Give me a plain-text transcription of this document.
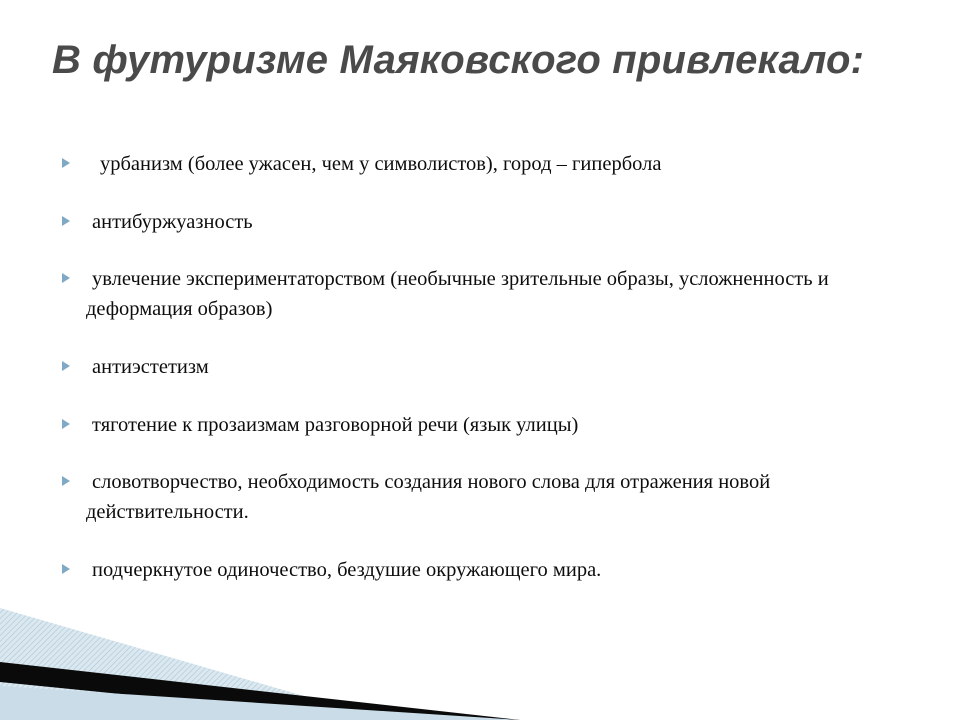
В футуризме Маяковского привлекало:
урбанизм (более ужасен, чем у символистов), город – гипербола
антибуржуазность
увлечение экспериментаторством (необычные зрительные образы, усложненность и деформация образов)
антиэстетизм
тяготение к прозаизмам разговорной речи (язык улицы)
словотворчество, необходимость создания нового слова для отражения новой действительности.
подчеркнутое одиночество, бездушие окружающего мира.
